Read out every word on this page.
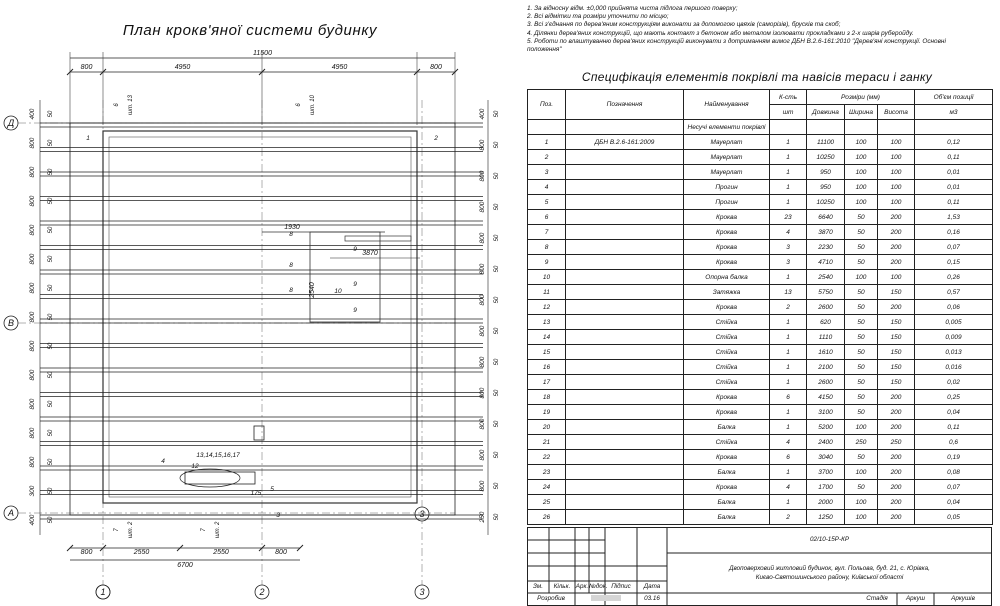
План крокв'яної системи будинку
11500
800	4950	4950	800
1	2	3
3
Д
В
А
400 50
800 50
800 50
800 50
800 50
800 50
800 50
800 50
800 50
800 50
800 50
800 50
800 50
300 50
400 50
400 50
800 50
800 50
800 50
800 50
800 50
800 50
800 50
800 50
800 50
800 50
800 50
800 50
250 50
6 шт. 13	6 шт. 10
7 шт. 2	7 шт. 2
3870
1930
2540
1	2
3
4
5
8
8
8
9
9
9
10
12
13,14,15,16,17
175
800	2550	2550	800
6700
1. За відносну відм. ±0,000 прийнята чиста підлога першого поверху;
2. Всі відмітки та розміри уточнити по місцю;
3. Всі з'єднання по дерев'яним конструкціям виконати за допомогою цвяхів (саморізів), брусків та скоб;
4. Ділянки дерев'яних конструкцій, що мають контакт з бетоном або металом ізолювати прокладками з 2-х шарів руберойду.
5. Роботи по влаштуванню дерев'яних конструкцій виконувати з дотриманням вимог ДБН В.2.6-161:2010 "Дерев'яні конструкції. Основні положення"
Специфікація елементів покрівлі та навісів тераси і ганку
Поз.	Позначення	Найменування	К-сть	Розміри (мм)			Об'єм позиції
			шт	Довжина	Ширина	Висота	м3
		Несучі елементи покрівлі					
1	ДБН В.2.6-161:2009	Мауерлат	1	11100	100	100	0,12
2		Мауерлат	1	10250	100	100	0,11
3		Мауерлат	1	950	100	100	0,01
4		Прогин	1	950	100	100	0,01
5		Прогин	1	10250	100	100	0,11
6		Кроква	23	6640	50	200	1,53
7		Кроква	4	3870	50	200	0,16
8		Кроква	3	2230	50	200	0,07
9		Кроква	3	4710	50	200	0,15
10		Опорна балка	1	2540	100	100	0,26
11		Затяжка	13	5750	50	150	0,57
12		Кроква	2	2600	50	200	0,06
13		Стійка	1	620	50	150	0,005
14		Стійка	1	1110	50	150	0,009
15		Стійка	1	1610	50	150	0,013
16		Стійка	1	2100	50	150	0,016
17		Стійка	1	2600	50	150	0,02
18		Кроква	6	4150	50	200	0,25
19		Кроква	1	3100	50	200	0,04
20		Балка	1	5200	100	200	0,11
21		Стійка	4	2400	250	250	0,6
22		Кроква	6	3040	50	200	0,19
23		Балка	1	3700	100	200	0,08
24		Кроква	4	1700	50	200	0,07
25		Балка	1	2000	100	200	0,04
26		Балка	2	1250	100	200	0,05
02/10-15Р-КР
Двоповерховий житловий будинок, вул. Польова, буд. 21, с. Юрівка,
Києво-Святошинського району, Київської області
Зм.	Кільк. Арк. №док. Підпис	Дата
Розробив	03.16	Стадія	Аркуш	Аркушів
